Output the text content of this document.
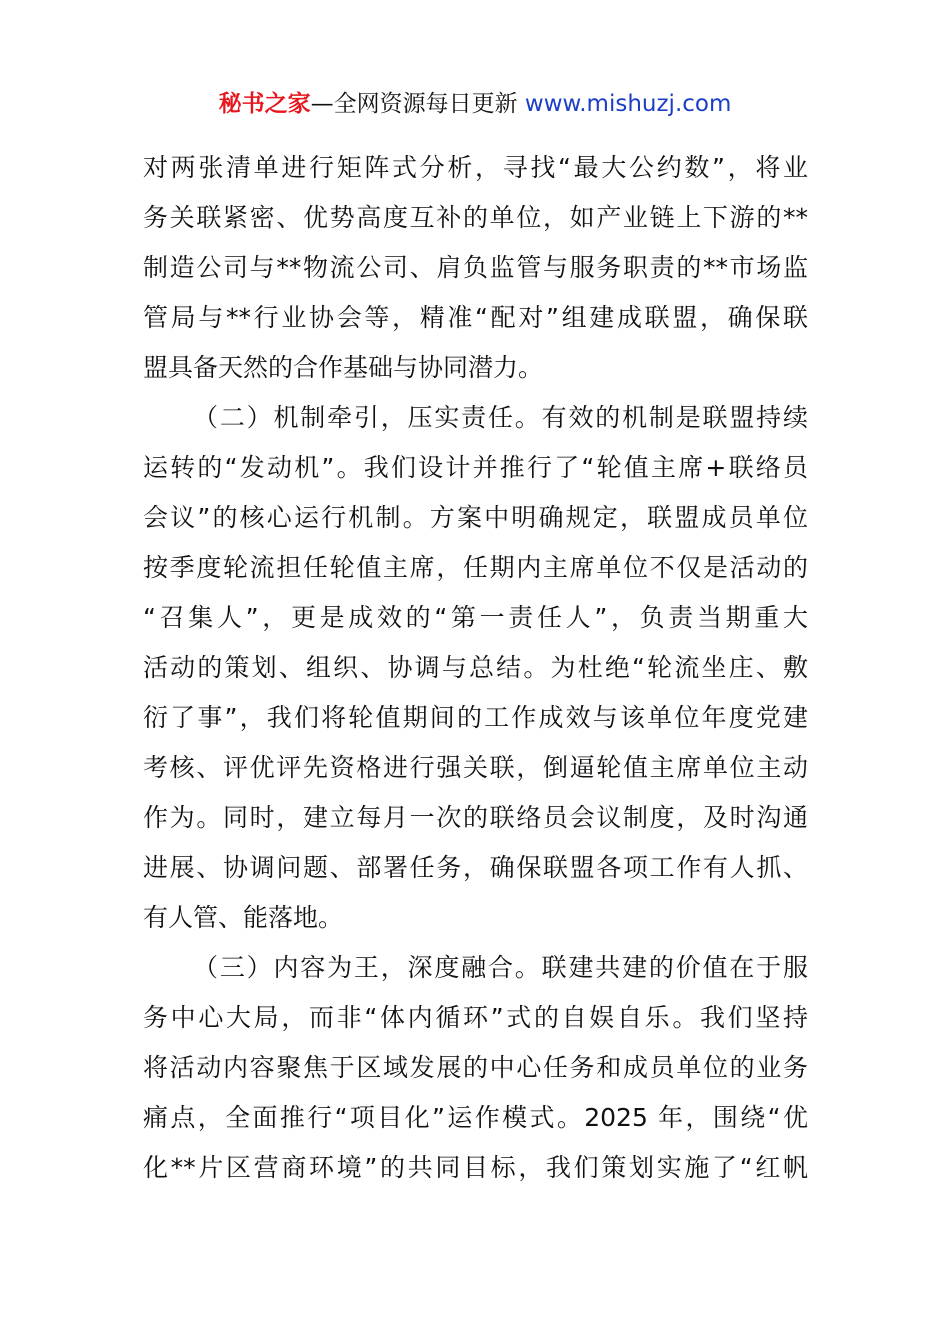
秘书之家—全网资源每日更新 www.mishuzj.com
对两张清单进行矩阵式分析，寻找“最大公约数”，将业
务关联紧密、优势高度互补的单位，如产业链上下游的**
制造公司与**物流公司、肩负监管与服务职责的**市场监
管局与**行业协会等，精准“配对”组建成联盟，确保联
盟具备天然的合作基础与协同潜力。
（二）机制牵引，压实责任。有效的机制是联盟持续
运转的“发动机”。我们设计并推行了“轮值主席+联络员
会议”的核心运行机制。方案中明确规定，联盟成员单位
按季度轮流担任轮值主席，任期内主席单位不仅是活动的
“召集人”，更是成效的“第一责任人”，负责当期重大
活动的策划、组织、协调与总结。为杜绝“轮流坐庄、敷
衍了事”，我们将轮值期间的工作成效与该单位年度党建
考核、评优评先资格进行强关联，倒逼轮值主席单位主动
作为。同时，建立每月一次的联络员会议制度，及时沟通
进展、协调问题、部署任务，确保联盟各项工作有人抓、
有人管、能落地。
（三）内容为王，深度融合。联建共建的价值在于服
务中心大局，而非“体内循环”式的自娱自乐。我们坚持
将活动内容聚焦于区域发展的中心任务和成员单位的业务
痛点，全面推行“项目化”运作模式。2025 年，围绕“优
化**片区营商环境”的共同目标，我们策划实施了“红帆
